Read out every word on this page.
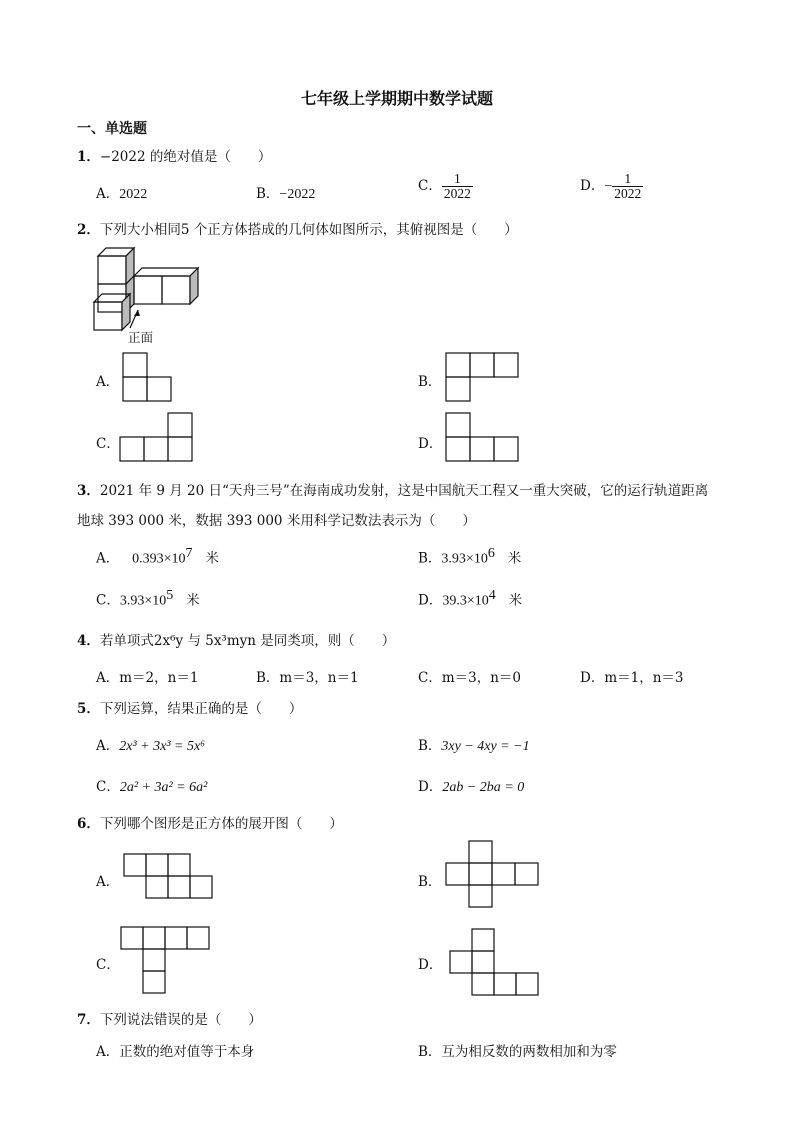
七年级上学期期中数学试题
一、单选题
1．−2022 的绝对值是（　　）
A．2022	B．−2022
C． $\frac{1}{2022}$	D．− $\frac{1}{2022}$
2．下列大小相同5 个正方体搭成的几何体如图所示，其俯视图是（　　）
正面
A．	B．
C．	D．
3．2021 年 9 月 20 日“天舟三号”在海南成功发射，这是中国航天工程又一重大突破，它的运行轨道距离
地球 393 000 米，数据 393 000 米用科学记数法表示为（　　）
A． $0.393\times 10^7$ 米	B．$3.93\times 10^6$ 米
C．$3.93\times 10^5$ 米	D．$39.3\times 10^4$ 米
4．若单项式2x⁶y 与 5x³myn 是同类项，则（　　）
A．m＝2，n＝1	B．m＝3，n＝1	C．m＝3，n＝0	D．m＝1，n＝3
5．下列运算，结果正确的是（　　）
A．2x³ + 3x³ = 5x⁶	B．3xy − 4xy = −1
C．2a² + 3a² = 6a²	D．2ab − 2ba = 0
6．下列哪个图形是正方体的展开图（　　）
A．	B．
C．	D．
7．下列说法错误的是（　　）
A．正数的绝对值等于本身	B．互为相反数的两数相加和为零
